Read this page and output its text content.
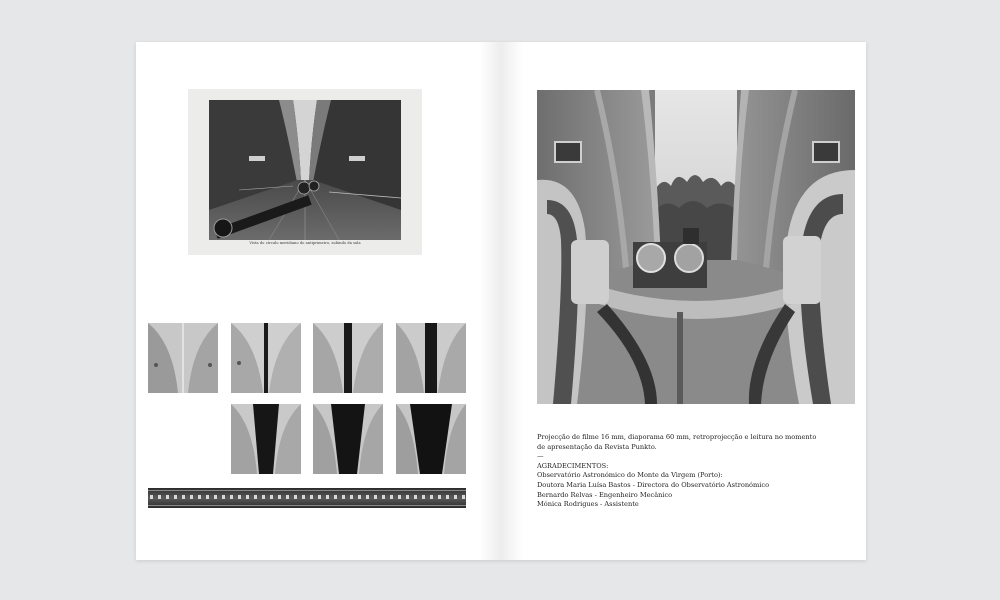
Vista do círculo meridiano do antiprimeiro, subindo da sala
Projecção de filme 16 mm, diaporama 60 mm, retroprojecção e leitura no momento
de apresentação da Revista Punkto.
—
AGRADECIMENTOS:
Observatório Astronómico do Monte da Virgem (Porto):
Doutora Maria Luísa Bastos - Directora do Observatório Astronómico
Bernardo Relvas - Engenheiro Mecânico
Mónica Rodrigues - Assistente
